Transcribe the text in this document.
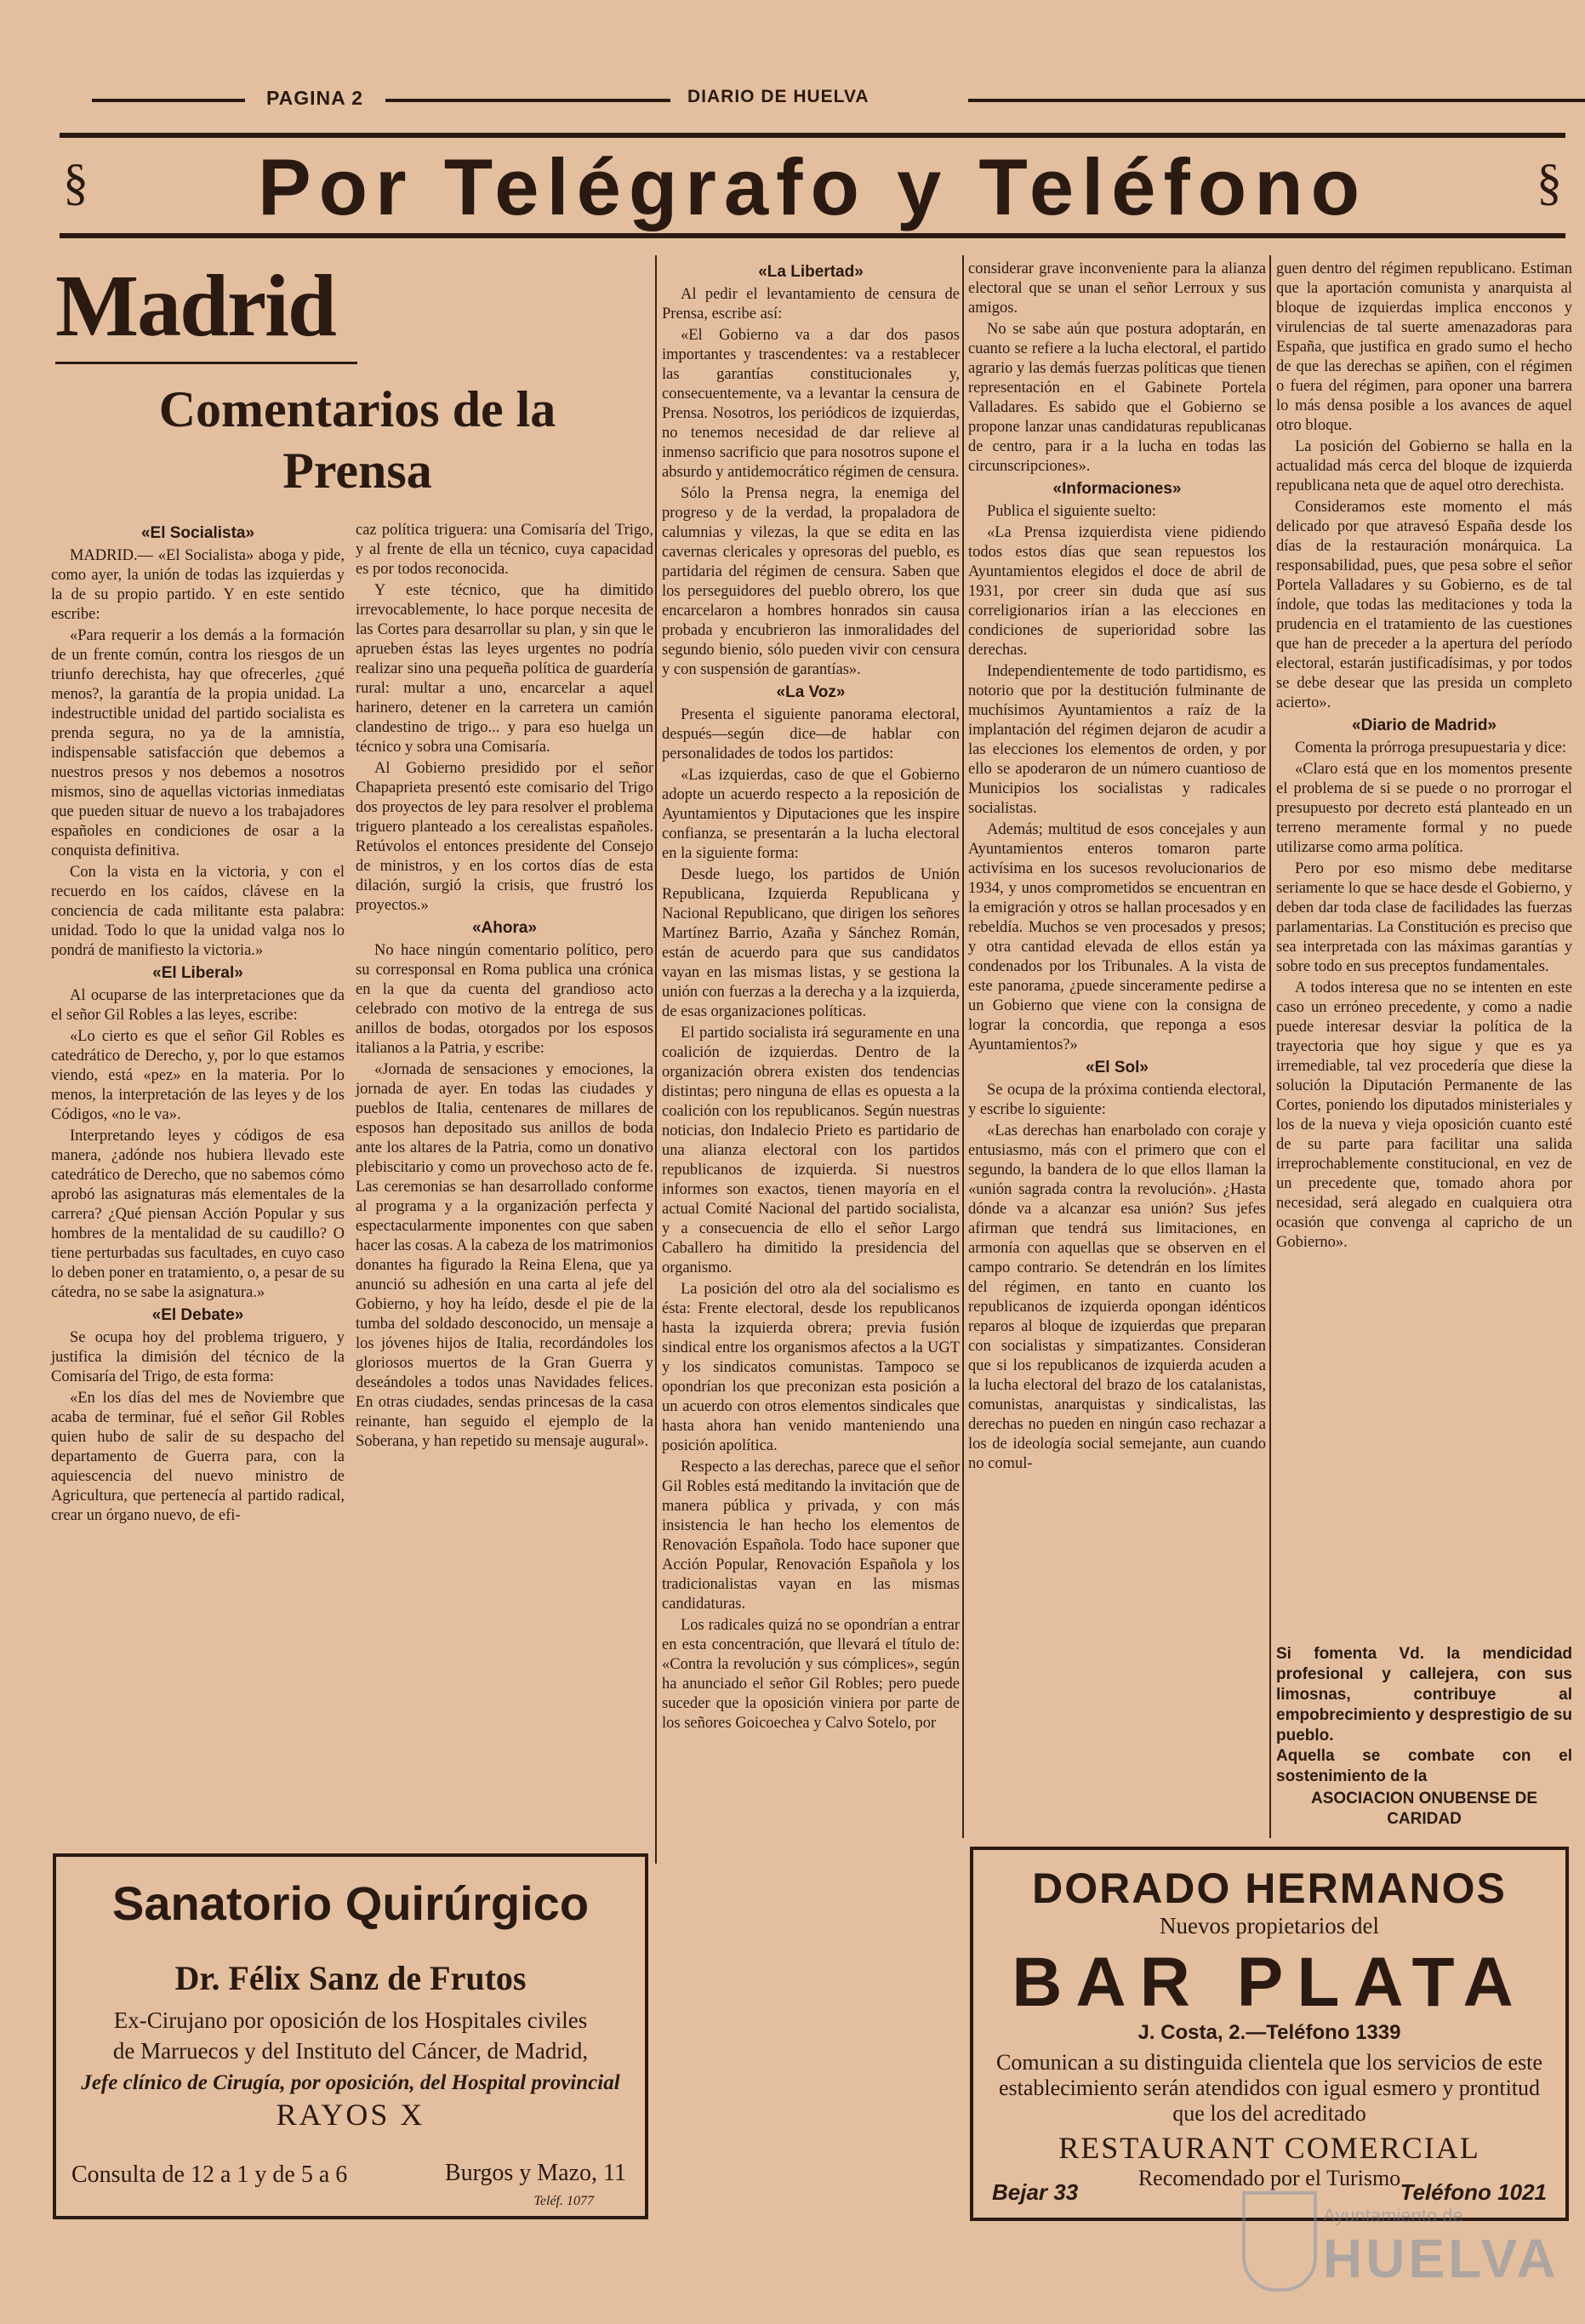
PAGINA 2	DIARIO DE HUELVA
§	Por Telégrafo y Teléfono	§
Madrid
Comentarios de la Prensa
«El Socialista»
MADRID.— «El Socialista» aboga y pide, como ayer, la unión de todas las izquierdas y la de su propio partido. Y en este sentido escribe:
«Para requerir a los demás a la formación de un frente común, contra los riesgos de un triunfo derechista, hay que ofrecerles, ¿qué menos?, la garantía de la propia unidad. La indestructible unidad del partido socialista es prenda segura, no ya de la amnistía, indispensable satisfacción que debemos a nuestros presos y nos debemos a nosotros mismos, sino de aquellas victorias inmediatas que pueden situar de nuevo a los trabajadores españoles en condiciones de osar a la conquista definitiva.
Con la vista en la victoria, y con el recuerdo en los caídos, clávese en la conciencia de cada militante esta palabra: unidad. Todo lo que la unidad valga nos lo pondrá de manifiesto la victoria.»
«El Liberal»
Al ocuparse de las interpretaciones que da el señor Gil Robles a las leyes, escribe:
«Lo cierto es que el señor Gil Robles es catedrático de Derecho, y, por lo que estamos viendo, está «pez» en la materia. Por lo menos, la interpretación de las leyes y de los Códigos, «no le va».
Interpretando leyes y códigos de esa manera, ¿adónde nos hubiera llevado este catedrático de Derecho, que no sabemos cómo aprobó las asignaturas más elementales de la carrera? ¿Qué piensan Acción Popular y sus hombres de la mentalidad de su caudillo? O tiene perturbadas sus facultades, en cuyo caso lo deben poner en tratamiento, o, a pesar de su cátedra, no se sabe la asignatura.»
«El Debate»
Se ocupa hoy del problema triguero, y justifica la dimisión del técnico de la Comisaría del Trigo, de esta forma:
«En los días del mes de Noviembre que acaba de terminar, fué el señor Gil Robles quien hubo de salir de su despacho del departamento de Guerra para, con la aquiescencia del nuevo ministro de Agricultura, que pertenecía al partido radical, crear un órgano nuevo, de efi-
caz política triguera: una Comisaría del Trigo, y al frente de ella un técnico, cuya capacidad es por todos reconocida.
Y este técnico, que ha dimitido irrevocablemente, lo hace porque necesita de las Cortes para desarrollar su plan, y sin que le aprueben éstas las leyes urgentes no podría realizar sino una pequeña política de guardería rural: multar a uno, encarcelar a aquel harinero, detener en la carretera un camión clandestino de trigo... y para eso huelga un técnico y sobra una Comisaría.
Al Gobierno presidido por el señor Chapaprieta presentó este comisario del Trigo dos proyectos de ley para resolver el problema triguero planteado a los cerealistas españoles. Retúvolos el entonces presidente del Consejo de ministros, y en los cortos días de esta dilación, surgió la crisis, que frustró los proyectos.»
«Ahora»
No hace ningún comentario político, pero su corresponsal en Roma publica una crónica en la que da cuenta del grandioso acto celebrado con motivo de la entrega de sus anillos de bodas, otorgados por los esposos italianos a la Patria, y escribe:
«Jornada de sensaciones y emociones, la jornada de ayer. En todas las ciudades y pueblos de Italia, centenares de millares de esposos han depositado sus anillos de boda ante los altares de la Patria, como un donativo plebiscitario y como un provechoso acto de fe. Las ceremonias se han desarrollado conforme al programa y a la organización perfecta y espectacularmente imponentes con que saben hacer las cosas. A la cabeza de los matrimonios donantes ha figurado la Reina Elena, que ya anunció su adhesión en una carta al jefe del Gobierno, y hoy ha leído, desde el pie de la tumba del soldado desconocido, un mensaje a los jóvenes hijos de Italia, recordándoles los gloriosos muertos de la Gran Guerra y deseándoles a todos unas Navidades felices. En otras ciudades, sendas princesas de la casa reinante, han seguido el ejemplo de la Soberana, y han repetido su mensaje augural».
«La Libertad»
Al pedir el levantamiento de censura de Prensa, escribe así:
«El Gobierno va a dar dos pasos importantes y trascendentes: va a restablecer las garantías constitucionales y, consecuentemente, va a levantar la censura de Prensa. Nosotros, los periódicos de izquierdas, no tenemos necesidad de dar relieve al inmenso sacrificio que para nosotros supone el absurdo y antidemocrático régimen de censura.
Sólo la Prensa negra, la enemiga del progreso y de la verdad, la propaladora de calumnias y vilezas, la que se edita en las cavernas clericales y opresoras del pueblo, es partidaria del régimen de censura. Saben que los perseguidores del pueblo obrero, los que encarcelaron a hombres honrados sin causa probada y encubrieron las inmoralidades del segundo bienio, sólo pueden vivir con censura y con suspensión de garantías».
«La Voz»
Presenta el siguiente panorama electoral, después—según dice—de hablar con personalidades de todos los partidos:
«Las izquierdas, caso de que el Gobierno adopte un acuerdo respecto a la reposición de Ayuntamientos y Diputaciones que les inspire confianza, se presentarán a la lucha electoral en la siguiente forma:
Desde luego, los partidos de Unión Republicana, Izquierda Republicana y Nacional Republicano, que dirigen los señores Martínez Barrio, Azaña y Sánchez Román, están de acuerdo para que sus candidatos vayan en las mismas listas, y se gestiona la unión con fuerzas a la derecha y a la izquierda, de esas organizaciones políticas.
El partido socialista irá seguramente en una coalición de izquierdas. Dentro de la organización obrera existen dos tendencias distintas; pero ninguna de ellas es opuesta a la coalición con los republicanos. Según nuestras noticias, don Indalecio Prieto es partidario de una alianza electoral con los partidos republicanos de izquierda. Si nuestros informes son exactos, tienen mayoría en el actual Comité Nacional del partido socialista, y a consecuencia de ello el señor Largo Caballero ha dimitido la presidencia del organismo.
La posición del otro ala del socialismo es ésta: Frente electoral, desde los republicanos hasta la izquierda obrera; previa fusión sindical entre los organismos afectos a la UGT y los sindicatos comunistas. Tampoco se opondrían los que preconizan esta posición a un acuerdo con otros elementos sindicales que hasta ahora han venido manteniendo una posición apolítica.
Respecto a las derechas, parece que el señor Gil Robles está meditando la invitación que de manera pública y privada, y con más insistencia le han hecho los elementos de Renovación Española. Todo hace suponer que Acción Popular, Renovación Española y los tradicionalistas vayan en las mismas candidaturas.
Los radicales quizá no se opondrían a entrar en esta concentración, que llevará el título de: «Contra la revolución y sus cómplices», según ha anunciado el señor Gil Robles; pero puede suceder que la oposición viniera por parte de los señores Goicoechea y Calvo Sotelo, por
considerar grave inconveniente para la alianza electoral que se unan el señor Lerroux y sus amigos.
No se sabe aún que postura adoptarán, en cuanto se refiere a la lucha electoral, el partido agrario y las demás fuerzas políticas que tienen representación en el Gabinete Portela Valladares. Es sabido que el Gobierno se propone lanzar unas candidaturas republicanas de centro, para ir a la lucha en todas las circunscripciones».
«Informaciones»
Publica el siguiente suelto:
«La Prensa izquierdista viene pidiendo todos estos días que sean repuestos los Ayuntamientos elegidos el doce de abril de 1931, por creer sin duda que así sus correligionarios irían a las elecciones en condiciones de superioridad sobre las derechas.
Independientemente de todo partidismo, es notorio que por la destitución fulminante de muchísimos Ayuntamientos a raíz de la implantación del régimen dejaron de acudir a las elecciones los elementos de orden, y por ello se apoderaron de un número cuantioso de Municipios los socialistas y radicales socialistas.
Además; multitud de esos concejales y aun Ayuntamientos enteros tomaron parte activísima en los sucesos revolucionarios de 1934, y unos comprometidos se encuentran en la emigración y otros se hallan procesados y en rebeldía. Muchos se ven procesados y presos; y otra cantidad elevada de ellos están ya condenados por los Tribunales. A la vista de este panorama, ¿puede sinceramente pedirse a un Gobierno que viene con la consigna de lograr la concordia, que reponga a esos Ayuntamientos?»
«El Sol»
Se ocupa de la próxima contienda electoral, y escribe lo siguiente:
«Las derechas han enarbolado con coraje y entusiasmo, más con el primero que con el segundo, la bandera de lo que ellos llaman la «unión sagrada contra la revolución». ¿Hasta dónde va a alcanzar esa unión? Sus jefes afirman que tendrá sus limitaciones, en armonía con aquellas que se observen en el campo contrario. Se detendrán en los límites del régimen, en tanto en cuanto los republicanos de izquierda opongan idénticos reparos al bloque de izquierdas que preparan con socialistas y simpatizantes. Consideran que si los republicanos de izquierda acuden a la lucha electoral del brazo de los catalanistas, comunistas, anarquistas y sindicalistas, las derechas no pueden en ningún caso rechazar a los de ideología social semejante, aun cuando no comul-
guen dentro del régimen republicano. Estiman que la aportación comunista y anarquista al bloque de izquierdas implica encconos y virulencias de tal suerte amenazadoras para España, que justifica en grado sumo el hecho de que las derechas se apiñen, con el régimen o fuera del régimen, para oponer una barrera lo más densa posible a los avances de aquel otro bloque.
La posición del Gobierno se halla en la actualidad más cerca del bloque de izquierda republicana neta que de aquel otro derechista.
Consideramos este momento el más delicado por que atravesó España desde los días de la restauración monárquica. La responsabilidad, pues, que pesa sobre el señor Portela Valladares y su Gobierno, es de tal índole, que todas las meditaciones y toda la prudencia en el tratamiento de las cuestiones que han de preceder a la apertura del período electoral, estarán justificadísimas, y por todos se debe desear que las presida un completo acierto».
«Diario de Madrid»
Comenta la prórroga presupuestaria y dice:
«Claro está que en los momentos presente el problema de si se puede o no prorrogar el presupuesto por decreto está planteado en un terreno meramente formal y no puede utilizarse como arma política.
Pero por eso mismo debe meditarse seriamente lo que se hace desde el Gobierno, y deben dar toda clase de facilidades las fuerzas parlamentarias. La Constitución es preciso que sea interpretada con las máximas garantías y sobre todo en sus preceptos fundamentales.
A todos interesa que no se intenten en este caso un erróneo precedente, y como a nadie puede interesar desviar la política de la trayectoria que hoy sigue y que es ya irremediable, tal vez procedería que diese la solución la Diputación Permanente de las Cortes, poniendo los diputados ministeriales y los de la nueva y vieja oposición cuanto esté de su parte para facilitar una salida irreprochablemente constitucional, en vez de un precedente que, tomado ahora por necesidad, será alegado en cualquiera otra ocasión que convenga al capricho de un Gobierno».
Si fomenta Vd. la mendicidad profesional y callejera, con sus limosnas, contribuye al empobrecimiento y desprestigio de su pueblo.
Aquella se combate con el sostenimiento de la
ASOCIACION ONUBENSE DE CARIDAD
Sanatorio Quirúrgico
Dr. Félix Sanz de Frutos
Ex-Cirujano por oposición de los Hospitales civiles
de Marruecos y del Instituto del Cáncer, de Madrid,
Jefe clínico de Cirugía, por oposición, del Hospital provincial
RAYOS X
Consulta de 12 a 1 y de 5 a 6	Burgos y Mazo, 11
Teléf. 1077
DORADO HERMANOS
Nuevos propietarios del
BAR PLATA
J. Costa, 2.—Teléfono 1339
Comunican a su distinguida clientela que los servicios de este establecimiento serán atendidos con igual esmero y prontitud que los del acreditado
RESTAURANT COMERCIAL
Recomendado por el Turismo
Bejar 33	Teléfono 1021
Ayuntamiento de
HUELVA
